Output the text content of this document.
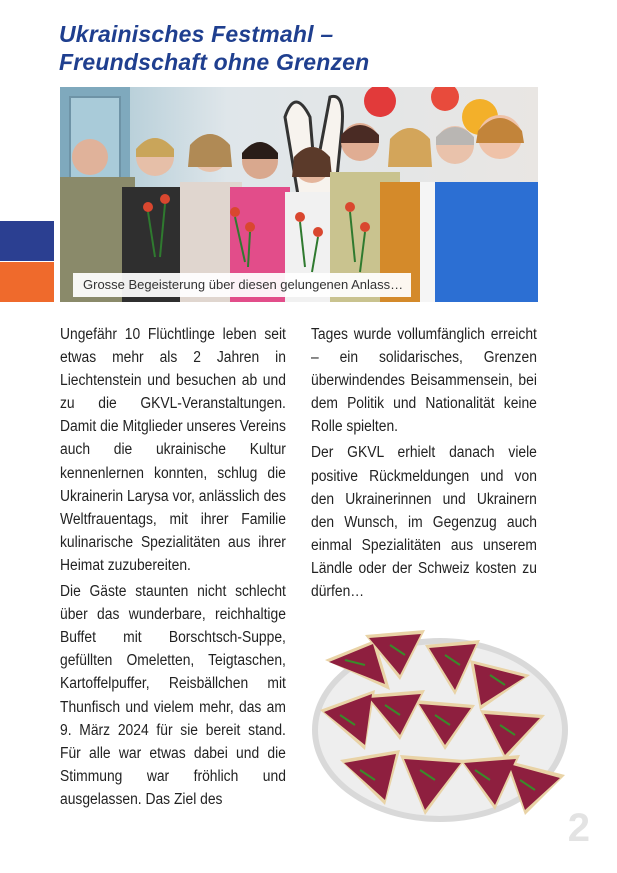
Ukrainisches Festmahl –
Freundschaft ohne Grenzen
Grosse Begeisterung über diesen gelungenen Anlass…

Ungefähr 10 Flüchtlinge leben seit etwas mehr als 2 Jahren in Liechtenstein und besuchen ab und zu die GKVL-Veranstaltungen. Damit die Mitglieder unseres Vereins auch die ukrainische Kultur kennenlernen konnten, schlug die Ukrainerin Larysa vor, anlässlich des Weltfrauentags, mit ihrer Familie kulinarische Spezialitäten aus ihrer Heimat zuzubereiten.

Die Gäste staunten nicht schlecht über das wunderbare, reichhaltige Buffet mit Borschtsch-Suppe, gefüllten Omeletten, Teigtaschen, Kartoffelpuffer, Reisbällchen mit Thunfisch und vielem mehr, das am 9. März 2024 für sie bereit stand. Für alle war etwas dabei und die Stimmung war fröhlich und ausgelassen. Das Ziel des

Tages wurde vollumfänglich erreicht – ein solidarisches, Grenzen überwindendes Beisammensein, bei dem Politik und Nationalität keine Rolle spielten.

Der GKVL erhielt danach viele positive Rückmeldungen und von den Ukrainerinnen und Ukrainern den Wunsch, im Gegenzug auch einmal Spezialitäten aus unserem Ländle oder der Schweiz kosten zu dürfen…

2
